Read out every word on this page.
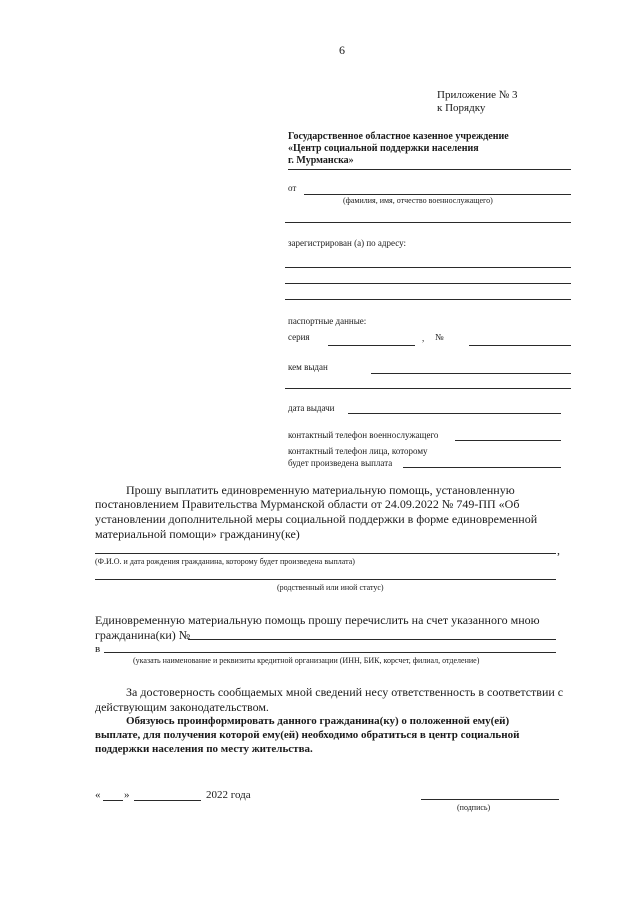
6
Приложение № 3
к Порядку
Государственное областное казенное учреждение
«Центр социальной поддержки населения
г. Мурманска»
от
(фамилия, имя, отчество военнослужащего)
зарегистрирован (а) по адресу:
паспортные данные:
серия	, №
кем выдан
дата выдачи
контактный телефон военнослужащего
контактный телефон лица, которому
будет произведена выплата
Прошу выплатить единовременную материальную помощь, установленную
постановлением Правительства Мурманской области от 24.09.2022 № 749-ПП «Об
установлении дополнительной меры социальной поддержки в форме единовременной
материальной помощи» гражданину(ке)
,
(Ф.И.О. и дата рождения гражданина, которому будет произведена выплата)
(родственный или иной статус)
Единовременную материальную помощь прошу перечислить на счет указанного мною
гражданина(ки) №
в
(указать наименование и реквизиты кредитной организации (ИНН, БИК, корсчет, филиал, отделение)
За достоверность сообщаемых мной сведений несу ответственность в соответствии с
действующим законодательством.
Обязуюсь проинформировать данного гражданина(ку) о положенной ему(ей)
выплате, для получения которой ему(ей) необходимо обратиться в центр социальной
поддержки населения по месту жительства.
« »	2022 года
(подпись)
